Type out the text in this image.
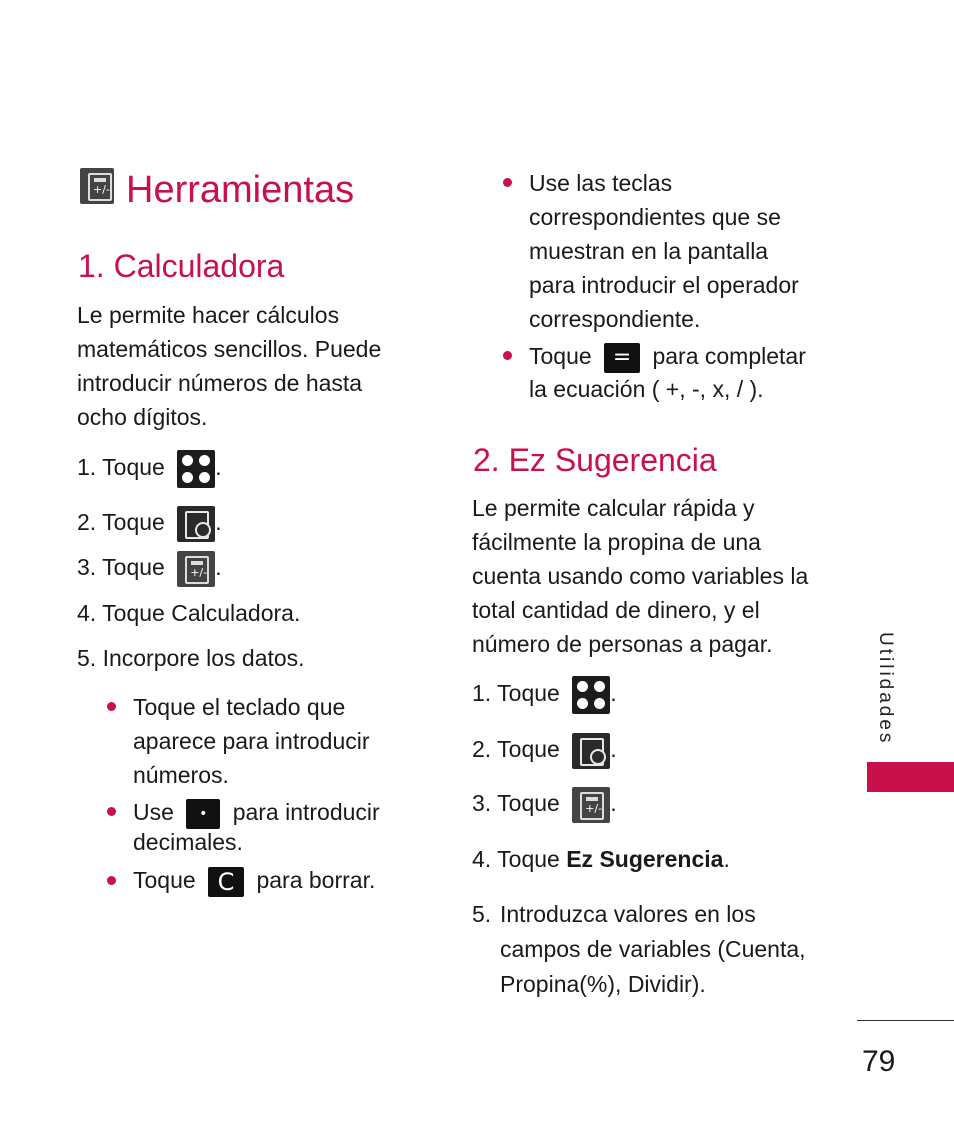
+/- Herramientas
1. Calculadora
Le permite hacer cálculos matemáticos sencillos. Puede introducir números de hasta ocho dígitos.
1. Toque .
2. Toque .
3. Toque +/- .
4. Toque Calculadora.
5. Incorpore los datos.
Toque el teclado que aparece para introducir números.
Use • para introducir
decimales.
Toque C para borrar.
Use las teclas correspondientes que se muestran en la pantalla para introducir el operador correspondiente.
Toque = para completar
la ecuación ( +, -, x, / ).
2. Ez Sugerencia
Le permite calcular rápida y fácilmente la propina de una cuenta usando como variables la total cantidad de dinero, y el número de personas a pagar.
1. Toque .
2. Toque .
3. Toque +/- .
4. Toque Ez Sugerencia.
5. Introduzca valores en los campos de variables (Cuenta, Propina(%), Dividir).
Utilidades
79
